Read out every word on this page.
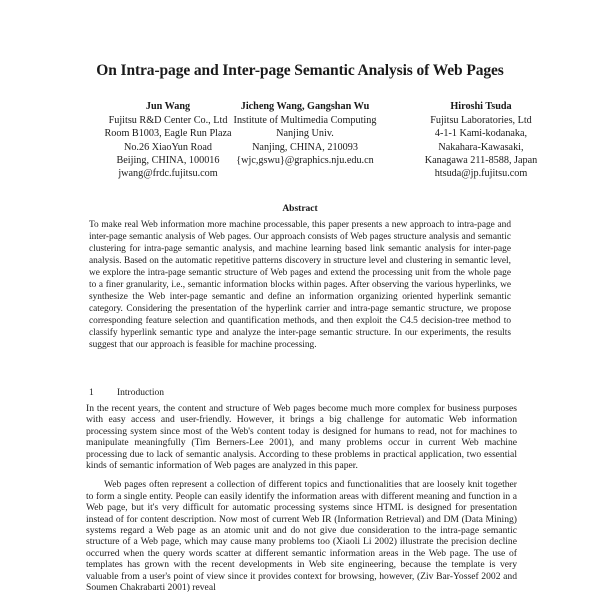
On Intra-page and Inter-page Semantic Analysis of Web Pages
Jun Wang
Fujitsu R&D Center Co., Ltd
Room B1003, Eagle Run Plaza
No.26 XiaoYun Road
Beijing, CHINA, 100016
jwang@frdc.fujitsu.com
Jicheng Wang, Gangshan Wu
Institute of Multimedia Computing
Nanjing Univ.
Nanjing, CHINA, 210093
{wjc,gswu}@graphics.nju.edu.cn
Hiroshi Tsuda
Fujitsu Laboratories, Ltd
4-1-1 Kami-kodanaka,
Nakahara-Kawasaki,
Kanagawa 211-8588, Japan
htsuda@jp.fujitsu.com
Abstract
To make real Web information more machine processable, this paper presents a new approach to intra-page and inter-page semantic analysis of Web pages. Our approach consists of Web pages structure analysis and semantic clustering for intra-page semantic analysis, and machine learning based link semantic analysis for inter-page analysis. Based on the automatic repetitive patterns discovery in structure level and clustering in semantic level, we explore the intra-page semantic structure of Web pages and extend the processing unit from the whole page to a finer granularity, i.e., semantic information blocks within pages. After observing the various hyperlinks, we synthesize the Web inter-page semantic and define an information organizing oriented hyperlink semantic category. Considering the presentation of the hyperlink carrier and intra-page semantic structure, we propose corresponding feature selection and quantification methods, and then exploit the C4.5 decision-tree method to classify hyperlink semantic type and analyze the inter-page semantic structure. In our experiments, the results suggest that our approach is feasible for machine processing.
1 Introduction

In the recent years, the content and structure of Web pages become much more complex for business purposes with easy access and user-friendly. However, it brings a big challenge for automatic Web information processing system since most of the Web's content today is designed for humans to read, not for machines to manipulate meaningfully (Tim Berners-Lee 2001), and many problems occur in current Web machine processing due to lack of semantic analysis. According to these problems in practical application, two essential kinds of semantic information of Web pages are analyzed in this paper.

Web pages often represent a collection of different topics and functionalities that are loosely knit together to form a single entity. People can easily identify the information areas with different meaning and function in a Web page, but it's very difficult for automatic processing systems since HTML is designed for presentation instead of for content description. Now most of current Web IR (Information Retrieval) and DM (Data Mining) systems regard a Web page as an atomic unit and do not give due consideration to the intra-page semantic structure of a Web page, which may cause many problems too (Xiaoli Li 2002) illustrate the precision decline occurred when the query words scatter at different semantic information areas in the Web page. The use of templates has grown with the recent developments in Web site engineering, because the template is very valuable from a user's point of view since it provides context for browsing, however, (Ziv Bar-Yossef 2002 and Soumen Chakrabarti 2001) reveal
